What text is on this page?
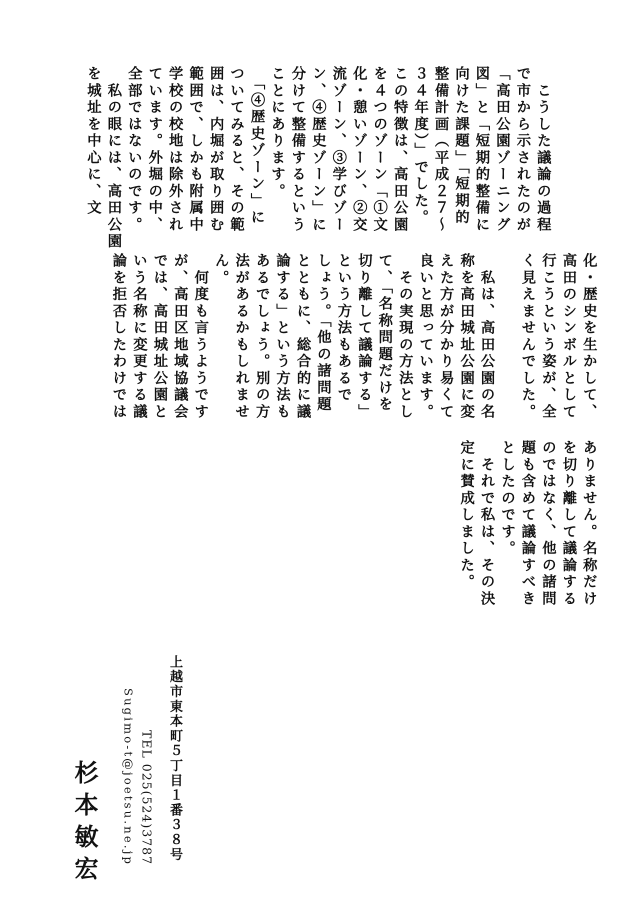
　こうした議論の過程
で市から示されたのが
「高田公園ゾーニング
図」と「短期的整備に
向けた課題」「短期的
整備計画（平成２７～
３４年度）」でした。
この特徴は、高田公園
を４つのゾーン「①文
化・憩いゾーン、②交
流ゾーン、③学びゾー
ン、④歴史ゾーン」に
分けて整備するという
ことにあります。
　「④歴史ゾーン」に
ついてみると、その範
囲は、内堀が取り囲む
範囲で、しかも附属中
学校の校地は除外され
ています。外堀の中、
全部ではないのです。
　私の眼には、高田公園
を城址を中心に、文
化・歴史を生かして、
高田のシンボルとして
行こうという姿が、全
く見えませんでした。
　私は、高田公園の名
称を高田城址公園に変
えた方が分かり易くて
良いと思っています。
　その実現の方法とし
て、「名称問題だけを
切り離して議論する」
という方法もあるで
しょう。「他の諸問題
とともに、総合的に議
論する」という方法も
あるでしょう。別の方
法があるかもしれませ
ん。
　何度も言うようです
が、高田区地域協議会
では、高田城址公園と
いう名称に変更する議
論を拒否したわけでは
ありません。名称だけ
を切り離して議論する
のではなく、他の諸問
題も含めて議論すべき
としたのです。
　それで私は、その決
定に賛成しました。
上越市東本町５丁目１番３８号
TEL 025(524)3787
Sugimo-t@joetsu.ne.jp
杉本敏宏
